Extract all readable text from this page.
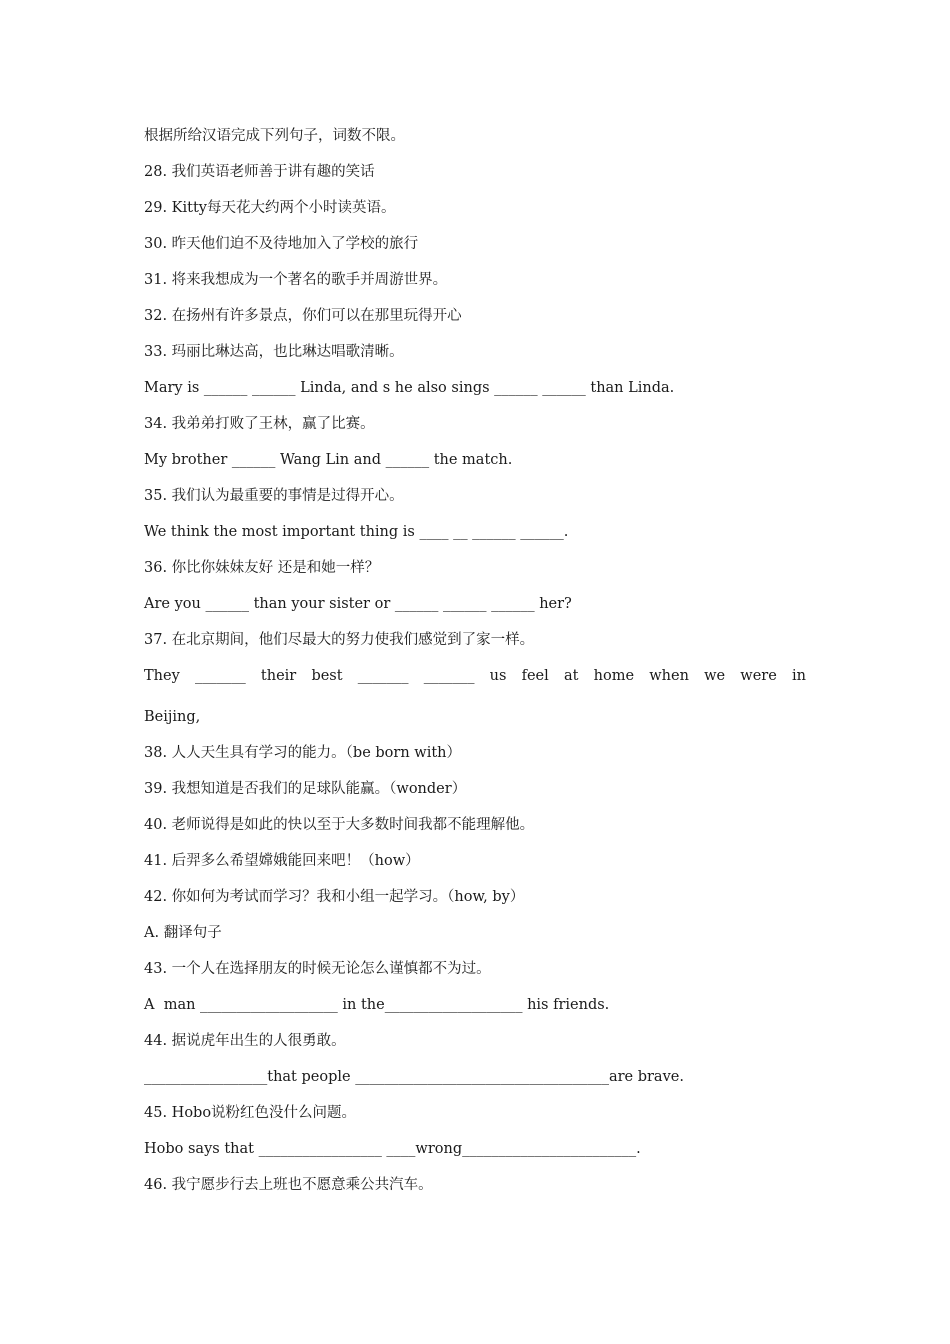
根据所给汉语完成下列句子，词数不限。
28. 我们英语老师善于讲有趣的笑话
29. Kitty每天花大约两个小时读英语。
30. 昨天他们迫不及待地加入了学校的旅行
31. 将来我想成为一个著名的歌手并周游世界。
32. 在扬州有许多景点，你们可以在那里玩得开心
33. 玛丽比琳达高，也比琳达唱歌清晰。
Mary is ______ ______ Linda, and s he also sings ______ ______ than Linda.
34. 我弟弟打败了王林，赢了比赛。
My brother ______ Wang Lin and ______ the match.
35. 我们认为最重要的事情是过得开心。
We think the most important thing is ____ __ ______ ______.
36. 你比你妹妹友好 还是和她一样？
Are you ______ than your sister or ______ ______ ______ her?
37. 在北京期间，他们尽最大的努力使我们感觉到了家一样。
They _______ their best _______ _______ us feel at home when we were in
Beijing,
38. 人人天生具有学习的能力。（be born with）
39. 我想知道是否我们的足球队能赢。（wonder）
40. 老师说得是如此的快以至于大多数时间我都不能理解他。
41. 后羿多么希望嫦娥能回来吧！（how）
42. 你如何为考试而学习？我和小组一起学习。（how, by）
A. 翻译句子
43. 一个人在选择朋友的时候无论怎么谨慎都不为过。
A  man ___________________ in the___________________ his friends.
44. 据说虎年出生的人很勇敢。
_________________that people ___________________________________are brave.
45. Hobo说粉红色没什么问题。
Hobo says that _________________ ____wrong________________________.
46. 我宁愿步行去上班也不愿意乘公共汽车。
